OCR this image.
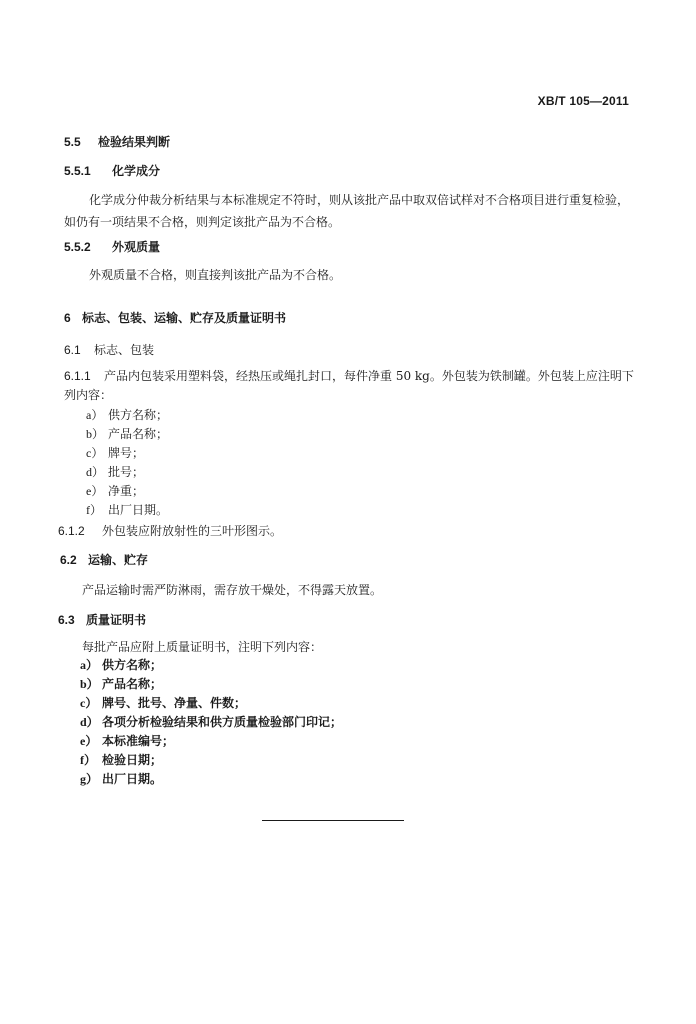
XB/T 105—2011
5.5 检验结果判断
5.5.1 化学成分
化学成分仲裁分析结果与本标准规定不符时，则从该批产品中取双倍试样对不合格项目进行重复检验，如仍有一项结果不合格，则判定该批产品为不合格。
5.5.2 外观质量
外观质量不合格，则直接判该批产品为不合格。
6 标志、包装、运输、贮存及质量证明书
6.1 标志、包装
6.1.1 产品内包装采用塑料袋，经热压或绳扎封口，每件净重 50 kg。外包装为铁制罐。外包装上应注明下列内容：
a） 供方名称；
b） 产品名称；
c） 牌号；
d） 批号；
e） 净重；
f） 出厂日期。
6.1.2 外包装应附放射性的三叶形图示。
6.2 运输、贮存
产品运输时需严防淋雨，需存放干燥处，不得露天放置。
6.3 质量证明书
每批产品应附上质量证明书，注明下列内容：
a） 供方名称；
b） 产品名称；
c） 牌号、批号、净量、件数；
d） 各项分析检验结果和供方质量检验部门印记；
e） 本标准编号；
f） 检验日期；
g） 出厂日期。
